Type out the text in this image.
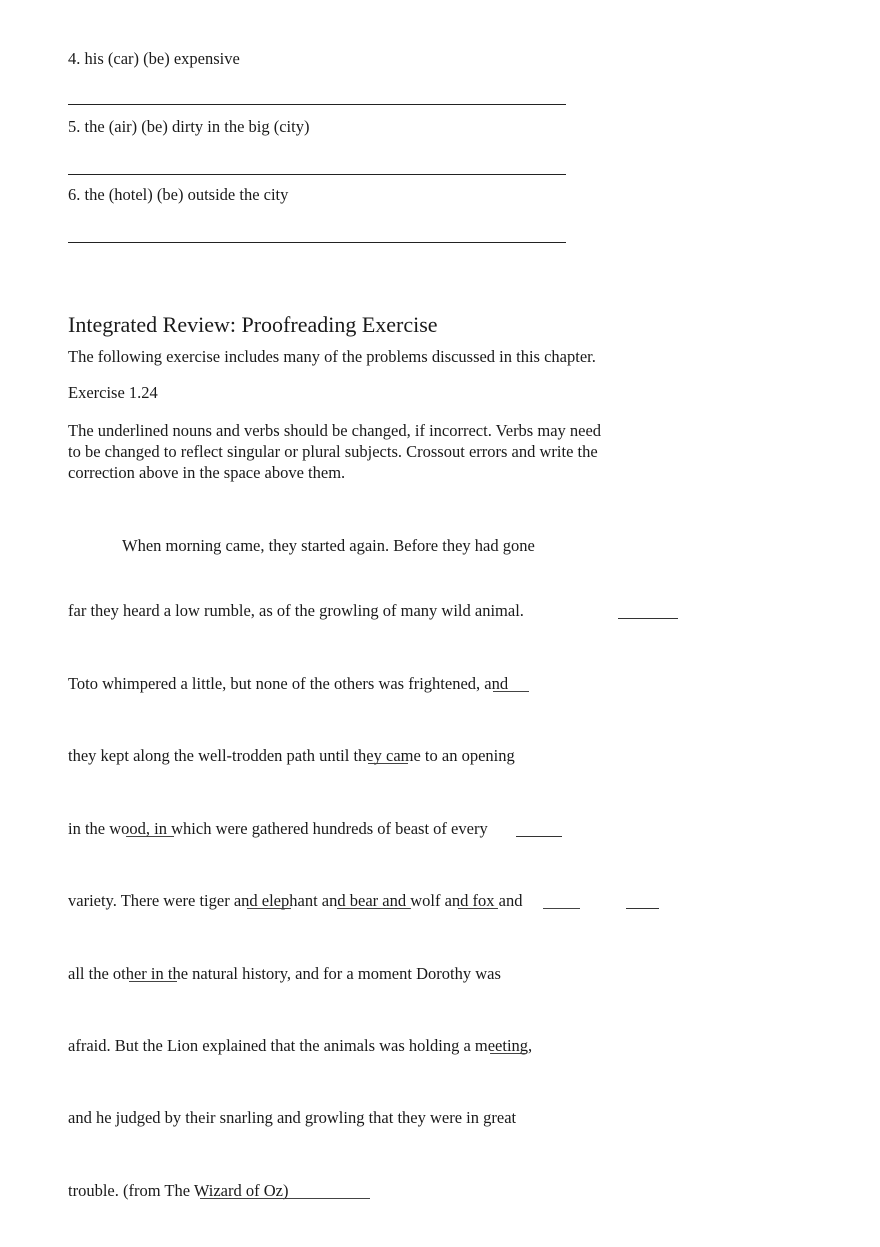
4. his (car) (be) expensive
5. the (air) (be) dirty in the big (city)
6. the (hotel) (be) outside the city
Integrated Review: Proofreading Exercise
The following exercise includes many of the problems discussed in this chapter.
Exercise 1.24
The underlined nouns and verbs should be changed, if incorrect. Verbs may need
to be changed to reflect singular or plural subjects. Crossout errors and write the
correction above in the space above them.
When morning came, they started again. Before they had gone
far they heard a low rumble, as of the growling of many wild animal.
Toto whimpered a little, but none of the others was frightened, and
they kept along the well-trodden path until they came to an opening
in the wood, in which were gathered hundreds of beast of every
variety. There were tiger and elephant and bear and wolf and fox and
all the other in the natural history, and for a moment Dorothy was
afraid. But the Lion explained that the animals was holding a meeting,
and he judged by their snarling and growling that they were in great
trouble. (from The Wizard of Oz)
